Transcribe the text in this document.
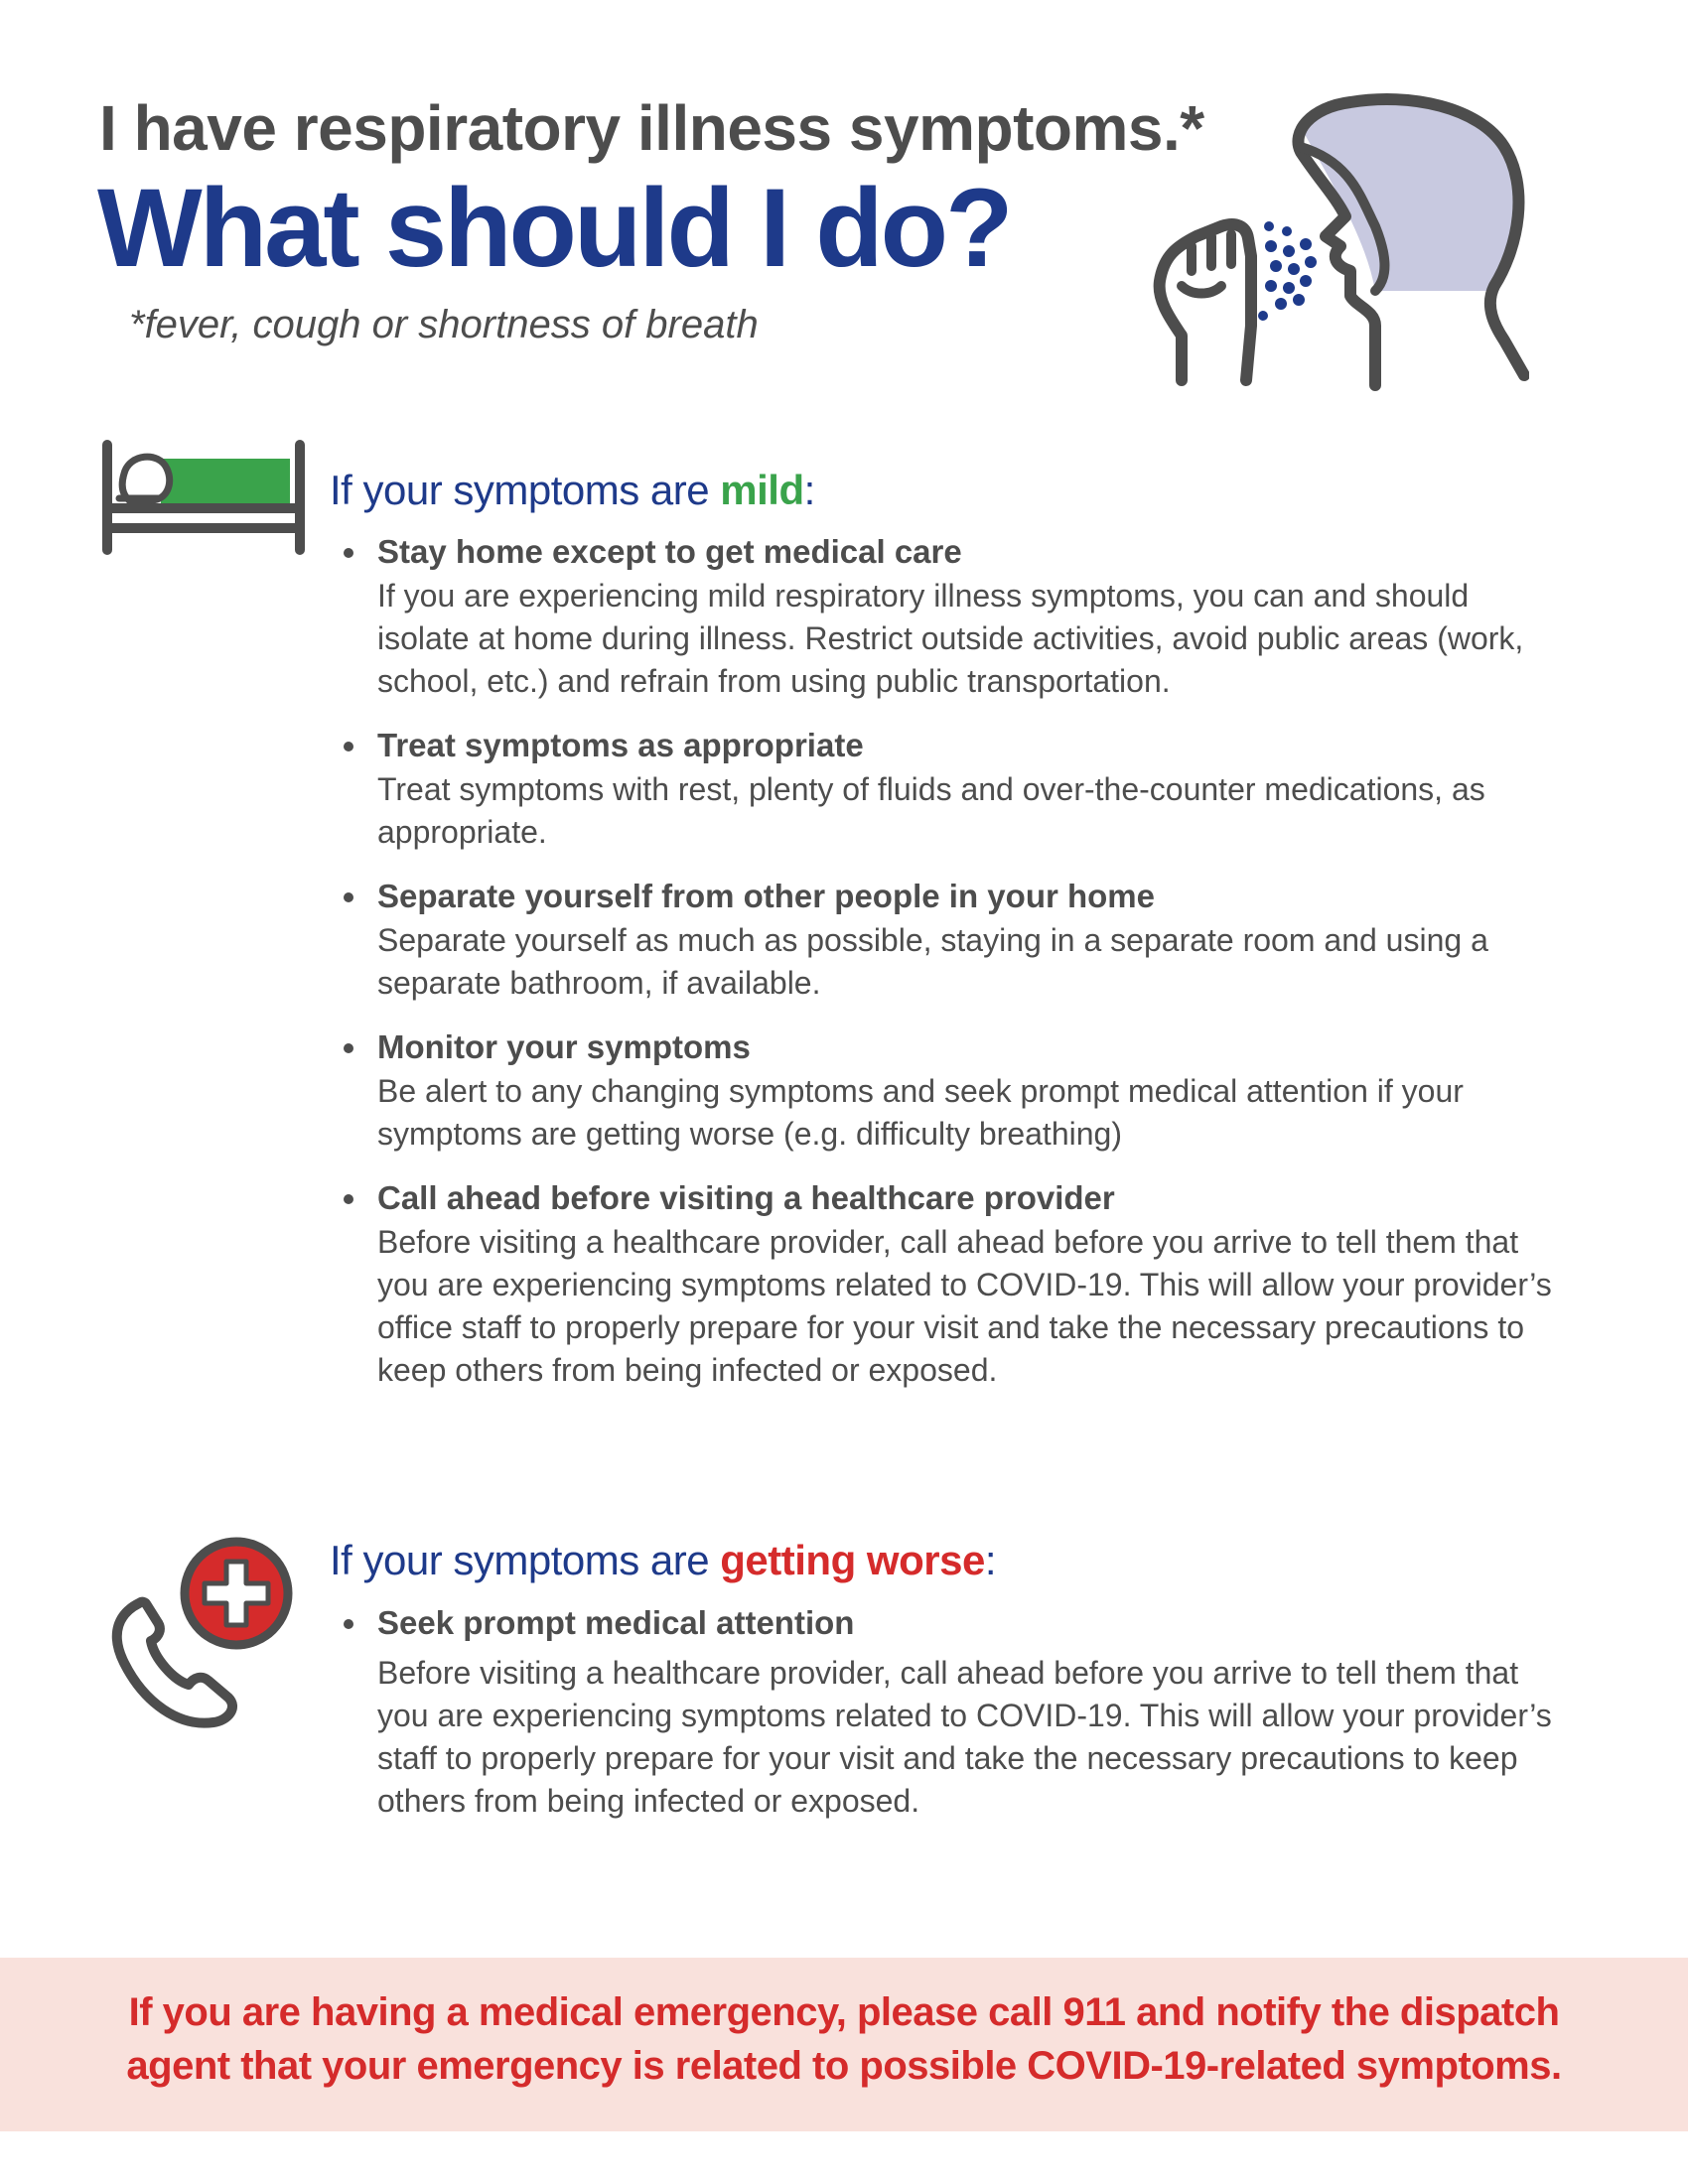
I have respiratory illness symptoms.*
What should I do?
*fever, cough or shortness of breath
If your symptoms are mild:
Stay home except to get medical care
If you are experiencing mild respiratory illness symptoms, you can and should isolate at home during illness. Restrict outside activities, avoid public areas (work, school, etc.) and refrain from using public transportation.
Treat symptoms as appropriate
Treat symptoms with rest, plenty of fluids and over-the-counter medications, as appropriate.
Separate yourself from other people in your home
Separate yourself as much as possible, staying in a separate room and using a separate bathroom, if available.
Monitor your symptoms
Be alert to any changing symptoms and seek prompt medical attention if your symptoms are getting worse (e.g. difficulty breathing)
Call ahead before visiting a healthcare provider
Before visiting a healthcare provider, call ahead before you arrive to tell them that you are experiencing symptoms related to COVID-19. This will allow your provider’s office staff to properly prepare for your visit and take the necessary precautions to keep others from being infected or exposed.
If your symptoms are getting worse:
Seek prompt medical attention
Before visiting a healthcare provider, call ahead before you arrive to tell them that you are experiencing symptoms related to COVID-19. This will allow your provider’s staff to properly prepare for your visit and take the necessary precautions to keep others from being infected or exposed.
If you are having a medical emergency, please call 911 and notify the dispatch
agent that your emergency is related to possible COVID-19-related symptoms.
